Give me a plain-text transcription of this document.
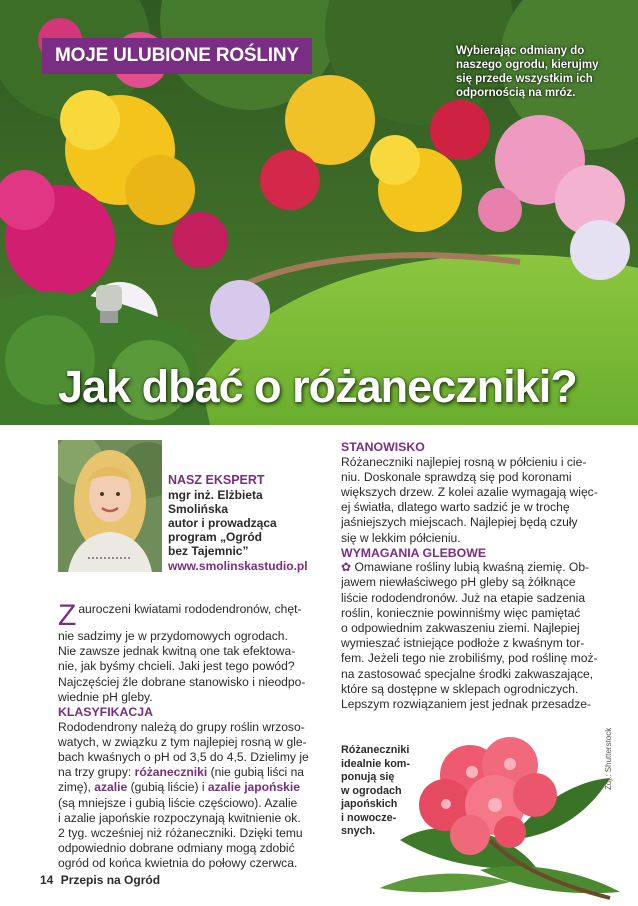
MOJE ULUBIONE ROŚLINY	Wybierając odmiany do
naszego ogrodu, kierujmy
się przede wszystkim ich
odpornością na mróz.
Jak dbać o różaneczniki?
NASZ EKSPERT
mgr inż. Elżbieta
Smolińska
autor i prowadząca
program „Ogród
bez Tajemnic”
www.smolinskastudio.pl
Z auroczeni kwiatami rododendronów, chęt-
nie sadzimy je w przydomowych ogrodach.
Nie zawsze jednak kwitną one tak efektowa-
nie, jak byśmy chcieli. Jaki jest tego powód?
Najczęściej źle dobrane stanowisko i nieodpo-
wiednie pH gleby.
KLASYFIKACJA
Rododendrony należą do grupy roślin wrzoso-
watych, w związku z tym najlepiej rosną w gle-
bach kwaśnych o pH od 3,5 do 4,5. Dzielimy je
na trzy grupy: różaneczniki (nie gubią liści na
zimę), azalie (gubią liście) i azalie japońskie
(są mniejsze i gubią liście częściowo). Azalie
i azalie japońskie rozpoczynają kwitnienie ok.
2 tyg. wcześniej niż różaneczniki. Dzięki temu
odpowiednio dobrane odmiany mogą zdobić
ogród od końca kwietnia do połowy czerwca.
STANOWISKO
Różaneczniki najlepiej rosną w półcieniu i cie-
niu. Doskonale sprawdzą się pod koronami
większych drzew. Z kolei azalie wymagają więc-
ej światła, dlatego warto sadzić je w trochę
jaśniejszych miejscach. Najlepiej będą czuły
się w lekkim półcieniu.
WYMAGANIA GLEBOWE
✿ Omawiane rośliny lubią kwaśną ziemię. Ob-
jawem niewłaściwego pH gleby są żółknące
liście rododendronów. Już na etapie sadzenia
roślin, koniecznie powinniśmy więc pamiętać
o odpowiednim zakwaszeniu ziemi. Najlepiej
wymieszać istniejące podłoże z kwaśnym tor-
fem. Jeżeli tego nie zrobiliśmy, pod roślinę moż-
na zastosować specjalne środki zakwaszające,
które są dostępne w sklepach ogrodniczych.
Lepszym rozwiązaniem jest jednak przesadze-
Różaneczniki
idealnie kom-
ponują się
w ogrodach
japońskich
i nowocze-
snych.
Zdj.: Shutterstock
14 Przepis na Ogród
